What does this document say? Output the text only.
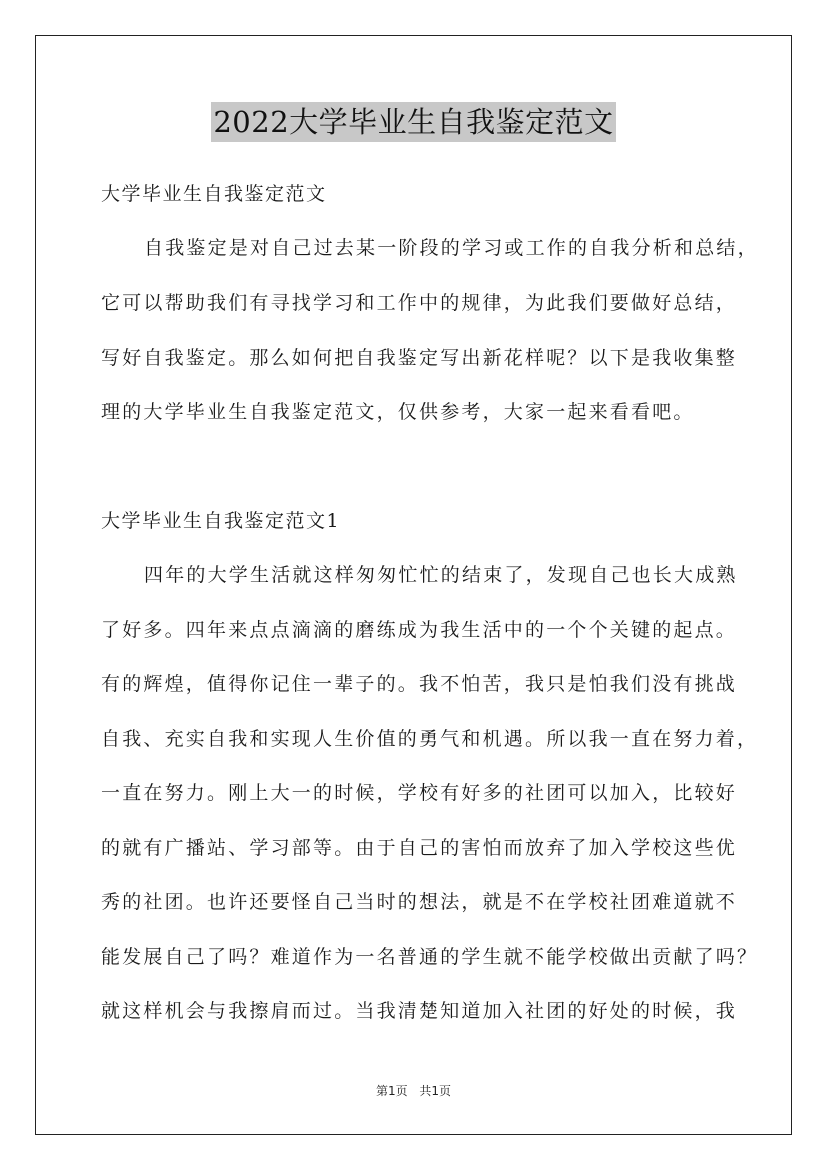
2022大学毕业生自我鉴定范文
大学毕业生自我鉴定范文
自我鉴定是对自己过去某一阶段的学习或工作的自我分析和总结，
它可以帮助我们有寻找学习和工作中的规律，为此我们要做好总结，
写好自我鉴定。那么如何把自我鉴定写出新花样呢？以下是我收集整
理的大学毕业生自我鉴定范文，仅供参考，大家一起来看看吧。
大学毕业生自我鉴定范文1
四年的大学生活就这样匆匆忙忙的结束了，发现自己也长大成熟
了好多。四年来点点滴滴的磨练成为我生活中的一个个关键的起点。
有的辉煌，值得你记住一辈子的。我不怕苦，我只是怕我们没有挑战
自我、充实自我和实现人生价值的勇气和机遇。所以我一直在努力着，
一直在努力。刚上大一的时候，学校有好多的社团可以加入，比较好
的就有广播站、学习部等。由于自己的害怕而放弃了加入学校这些优
秀的社团。也许还要怪自己当时的想法，就是不在学校社团难道就不
能发展自己了吗？难道作为一名普通的学生就不能学校做出贡献了吗？
就这样机会与我擦肩而过。当我清楚知道加入社团的好处的时候，我
第1页 共1页
